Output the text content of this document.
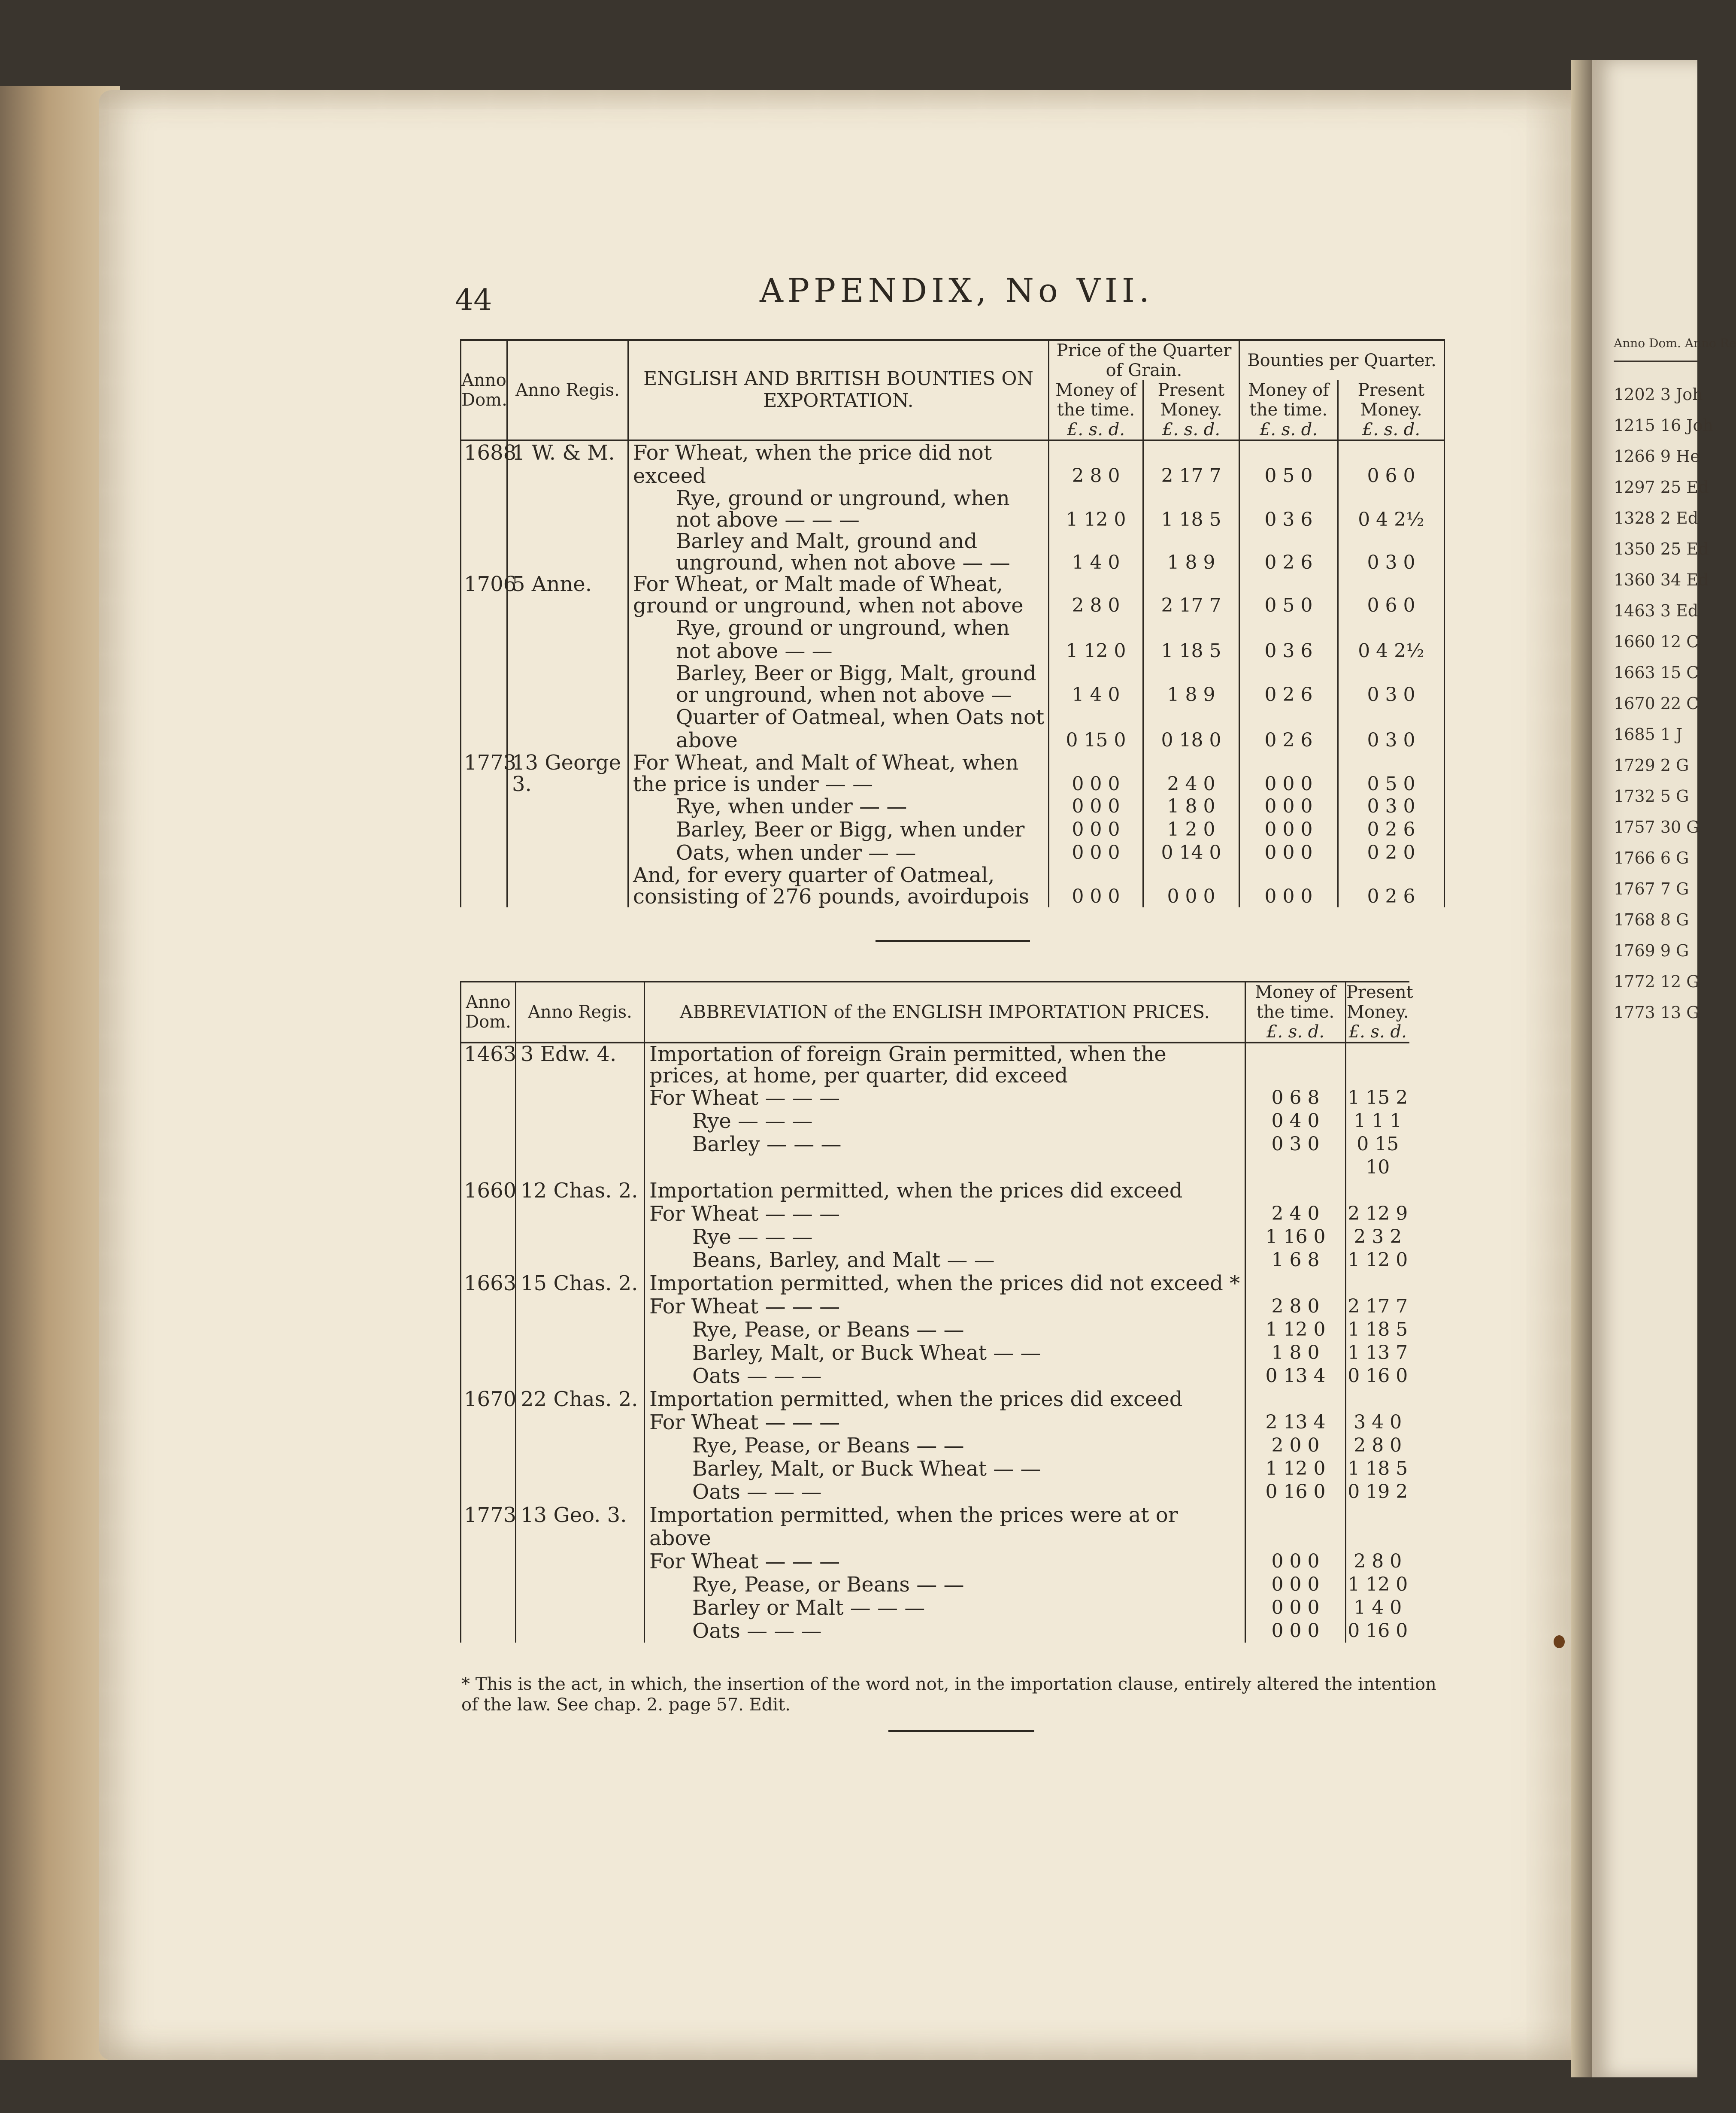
44	APPENDIX, No VII.
Anno Dom.	Anno Regis.	ENGLISH AND BRITISH BOUNTIES ON EXPORTATION.	Price of the Quarter of Grain.		Bounties per Quarter.	
			Money of the time.	Present Money.	Money of the time.	Present Money.
			£. s. d.	£. s. d.	£. s. d.	£. s. d.
1688	1 W. & M.	For Wheat, when the price did not exceed	2 8 0	2 17 7	0 5 0	0 6 0
		Rye, ground or unground, when not above — — —	1 12 0	1 18 5	0 3 6	0 4 2½
		Barley and Malt, ground and unground, when not above — —	1 4 0	1 8 9	0 2 6	0 3 0
1706	5 Anne.	For Wheat, or Malt made of Wheat, ground or unground, when not above	2 8 0	2 17 7	0 5 0	0 6 0
		Rye, ground or unground, when not above — —	1 12 0	1 18 5	0 3 6	0 4 2½
		Barley, Beer or Bigg, Malt, ground or unground, when not above —	1 4 0	1 8 9	0 2 6	0 3 0
		Quarter of Oatmeal, when Oats not above	0 15 0	0 18 0	0 2 6	0 3 0
1773	13 George 3.	For Wheat, and Malt of Wheat, when the price is under — —	0 0 0	2 4 0	0 0 0	0 5 0
		Rye, when under — —	0 0 0	1 8 0	0 0 0	0 3 0
		Barley, Beer or Bigg, when under	0 0 0	1 2 0	0 0 0	0 2 6
		Oats, when under — —	0 0 0	0 14 0	0 0 0	0 2 0
		And, for every quarter of Oatmeal, consisting of 276 pounds, avoirdupois	0 0 0	0 0 0	0 0 0	0 2 6
Anno Dom.	Anno Regis.	ABBREVIATION of the ENGLISH IMPORTATION PRICES.	Money of the time.	Present Money.
			£. s. d.	£. s. d.
1463	3 Edw. 4.	Importation of foreign Grain permitted, when the prices, at home, per quarter, did exceed		
		For Wheat — — —	0 6 8	1 15 2
		Rye — — —	0 4 0	1 1 1
		Barley — — —	0 3 0	0 15 10
1660	12 Chas. 2.	Importation permitted, when the prices did exceed		
		For Wheat — — —	2 4 0	2 12 9
		Rye — — —	1 16 0	2 3 2
		Beans, Barley, and Malt — —	1 6 8	1 12 0
1663	15 Chas. 2.	Importation permitted, when the prices did not exceed *		
		For Wheat — — —	2 8 0	2 17 7
		Rye, Pease, or Beans — —	1 12 0	1 18 5
		Barley, Malt, or Buck Wheat — —	1 8 0	1 13 7
		Oats — — —	0 13 4	0 16 0
1670	22 Chas. 2.	Importation permitted, when the prices did exceed		
		For Wheat — — —	2 13 4	3 4 0
		Rye, Pease, or Beans — —	2 0 0	2 8 0
		Barley, Malt, or Buck Wheat — —	1 12 0	1 18 5
		Oats — — —	0 16 0	0 19 2
1773	13 Geo. 3.	Importation permitted, when the prices were at or above		
		For Wheat — — —	0 0 0	2 8 0
		Rye, Pease, or Beans — —	0 0 0	1 12 0
		Barley or Malt — — —	0 0 0	1 4 0
		Oats — — —	0 0 0	0 16 0
* This is the act, in which, the insertion of the word not, in the importation clause, entirely altered the intention of the law. See chap. 2. page 57. Edit.
Anno Dom. Anno Re
1202 3 Joh
1215 16 Joh
1266 9 He
1297 25 Ed
1328 2 Ed
1350 25 Ed
1360 34 Ed
1463 3 Ed
1660 12 C
1663 15 C
1670 22 C
1685 1 J
1729 2 G
1732 5 G
1757 30 G
1766 6 G
1767 7 G
1768 8 G
1769 9 G
1772 12 G
1773 13 G
